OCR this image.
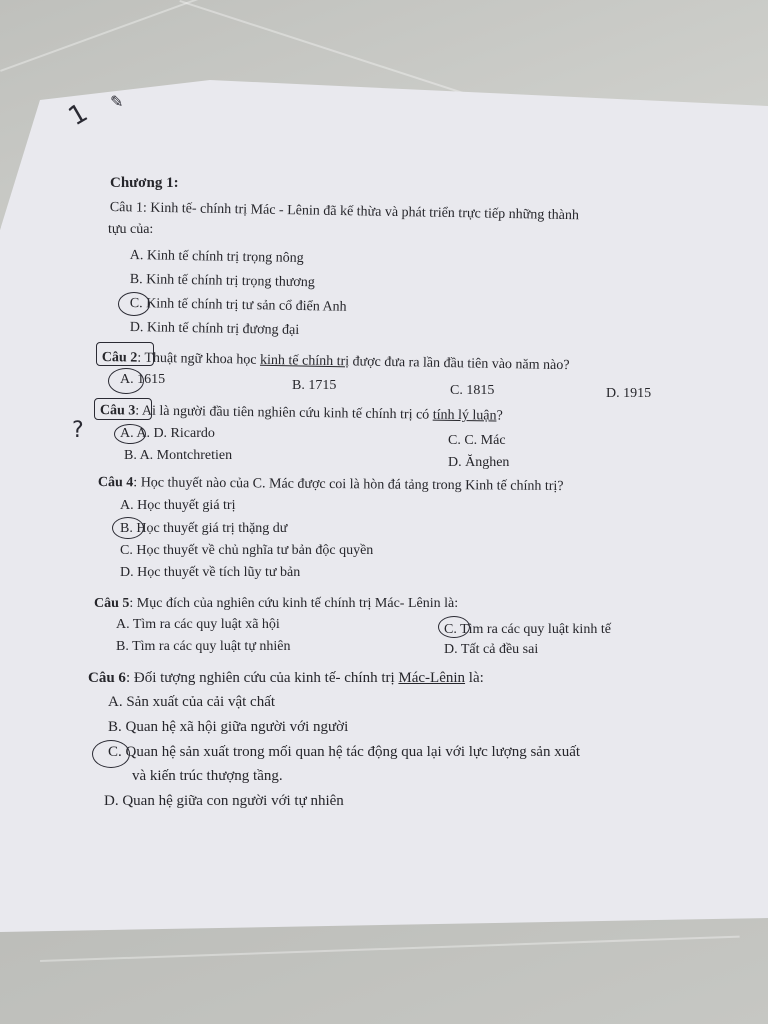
1 ✎
Chương 1:
Câu 1: Kinh tế- chính trị Mác - Lênin đã kế thừa và phát triển trực tiếp những thành
tựu của:
A. Kinh tế chính trị trọng nông
B. Kinh tế chính trị trọng thương
C. Kinh tế chính trị tư sản cổ điển Anh
D. Kinh tế chính trị đương đại
Câu 2: Thuật ngữ khoa học kinh tế chính trị được đưa ra lần đầu tiên vào năm nào?
A. 1615	B. 1715	C. 1815	D. 1915
Câu 3: Ai là người đầu tiên nghiên cứu kinh tế chính trị có tính lý luận?
?	A. A. D. Ricardo
B. A. Montchretien
C. C. Mác
D. Ănghen
Câu 4: Học thuyết nào của C. Mác được coi là hòn đá tảng trong Kinh tế chính trị?
A. Học thuyết giá trị
B. Học thuyết giá trị thặng dư
C. Học thuyết về chủ nghĩa tư bản độc quyền
D. Học thuyết về tích lũy tư bản
Câu 5: Mục đích của nghiên cứu kinh tế chính trị Mác- Lênin là:
A. Tìm ra các quy luật xã hội
B. Tìm ra các quy luật tự nhiên
C. Tìm ra các quy luật kinh tế
D. Tất cả đều sai
Câu 6: Đối tượng nghiên cứu của kinh tế- chính trị Mác-Lênin là:
A. Sản xuất của cải vật chất
B. Quan hệ xã hội giữa người với người
C. Quan hệ sản xuất trong mối quan hệ tác động qua lại với lực lượng sản xuất
và kiến trúc thượng tầng.
D. Quan hệ giữa con người với tự nhiên
